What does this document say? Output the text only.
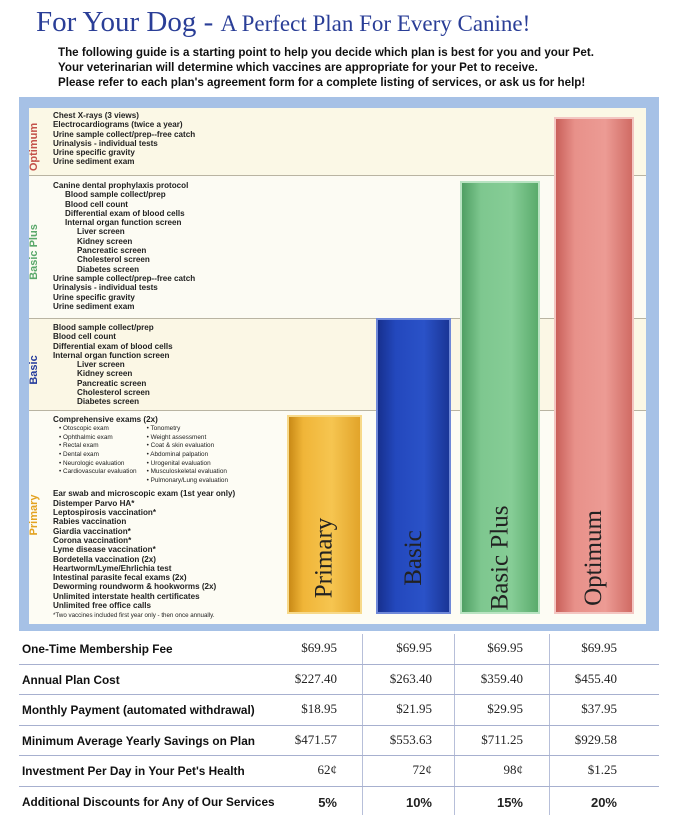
For Your Dog - A Perfect Plan For Every Canine!
The following guide is a starting point to help you decide which plan is best for you and your Pet.
Your veterinarian will determine which vaccines are appropriate for your Pet to receive.
Please refer to each plan's agreement form for a complete listing of services, or ask us for help!
Optimum
Chest X-rays (3 views)
Electrocardiograms (twice a year)
Urine sample collect/prep--free catch
Urinalysis - individual tests
Urine specific gravity
Urine sediment exam
Basic Plus
Canine dental prophylaxis protocol
Blood sample collect/prep
Blood cell count
Differential exam of blood cells
Internal organ function screen
Liver screen
Kidney screen
Pancreatic screen
Cholesterol screen
Diabetes screen
Urine sample collect/prep--free catch
Urinalysis - individual tests
Urine specific gravity
Urine sediment exam
Basic
Blood sample collect/prep
Blood cell count
Differential exam of blood cells
Internal organ function screen
Liver screen
Kidney screen
Pancreatic screen
Cholesterol screen
Diabetes screen
Primary
Comprehensive exams (2x)
• Otoscopic exam
• Ophthalmic exam
• Rectal exam
• Dental exam
• Neurologic evaluation
• Cardiovascular evaluation
• Tonometry
• Weight assessment
• Coat & skin evaluation
• Abdominal palpation
• Urogenital evaluation
• Musculoskeletal evaluation
• Pulmonary/Lung evaluation
Ear swab and microscopic exam (1st year only)
Distemper Parvo HA*
Leptospirosis vaccination*
Rabies vaccination
Giardia vaccination*
Corona vaccination*
Lyme disease vaccination*
Bordetella vaccination (2x)
Heartworm/Lyme/Ehrlichia test
Intestinal parasite fecal exams (2x)
Deworming roundworm & hookworms (2x)
Unlimited interstate health certificates
Unlimited free office calls
*Two vaccines included first year only - then once annually.
Primary Basic Basic Plus	Optimum
One-Time Membership Fee	$69.95	$69.95	$69.95	$69.95
Annual Plan Cost	$227.40	$263.40	$359.40	$455.40
Monthly Payment (automated withdrawal)	$18.95	$21.95	$29.95	$37.95
Minimum Average Yearly Savings on Plan	$471.57	$553.63	$711.25	$929.58
Investment Per Day in Your Pet's Health	62¢	72¢	98¢	$1.25
Additional Discounts for Any of Our Services	5%	10%	15%	20%
